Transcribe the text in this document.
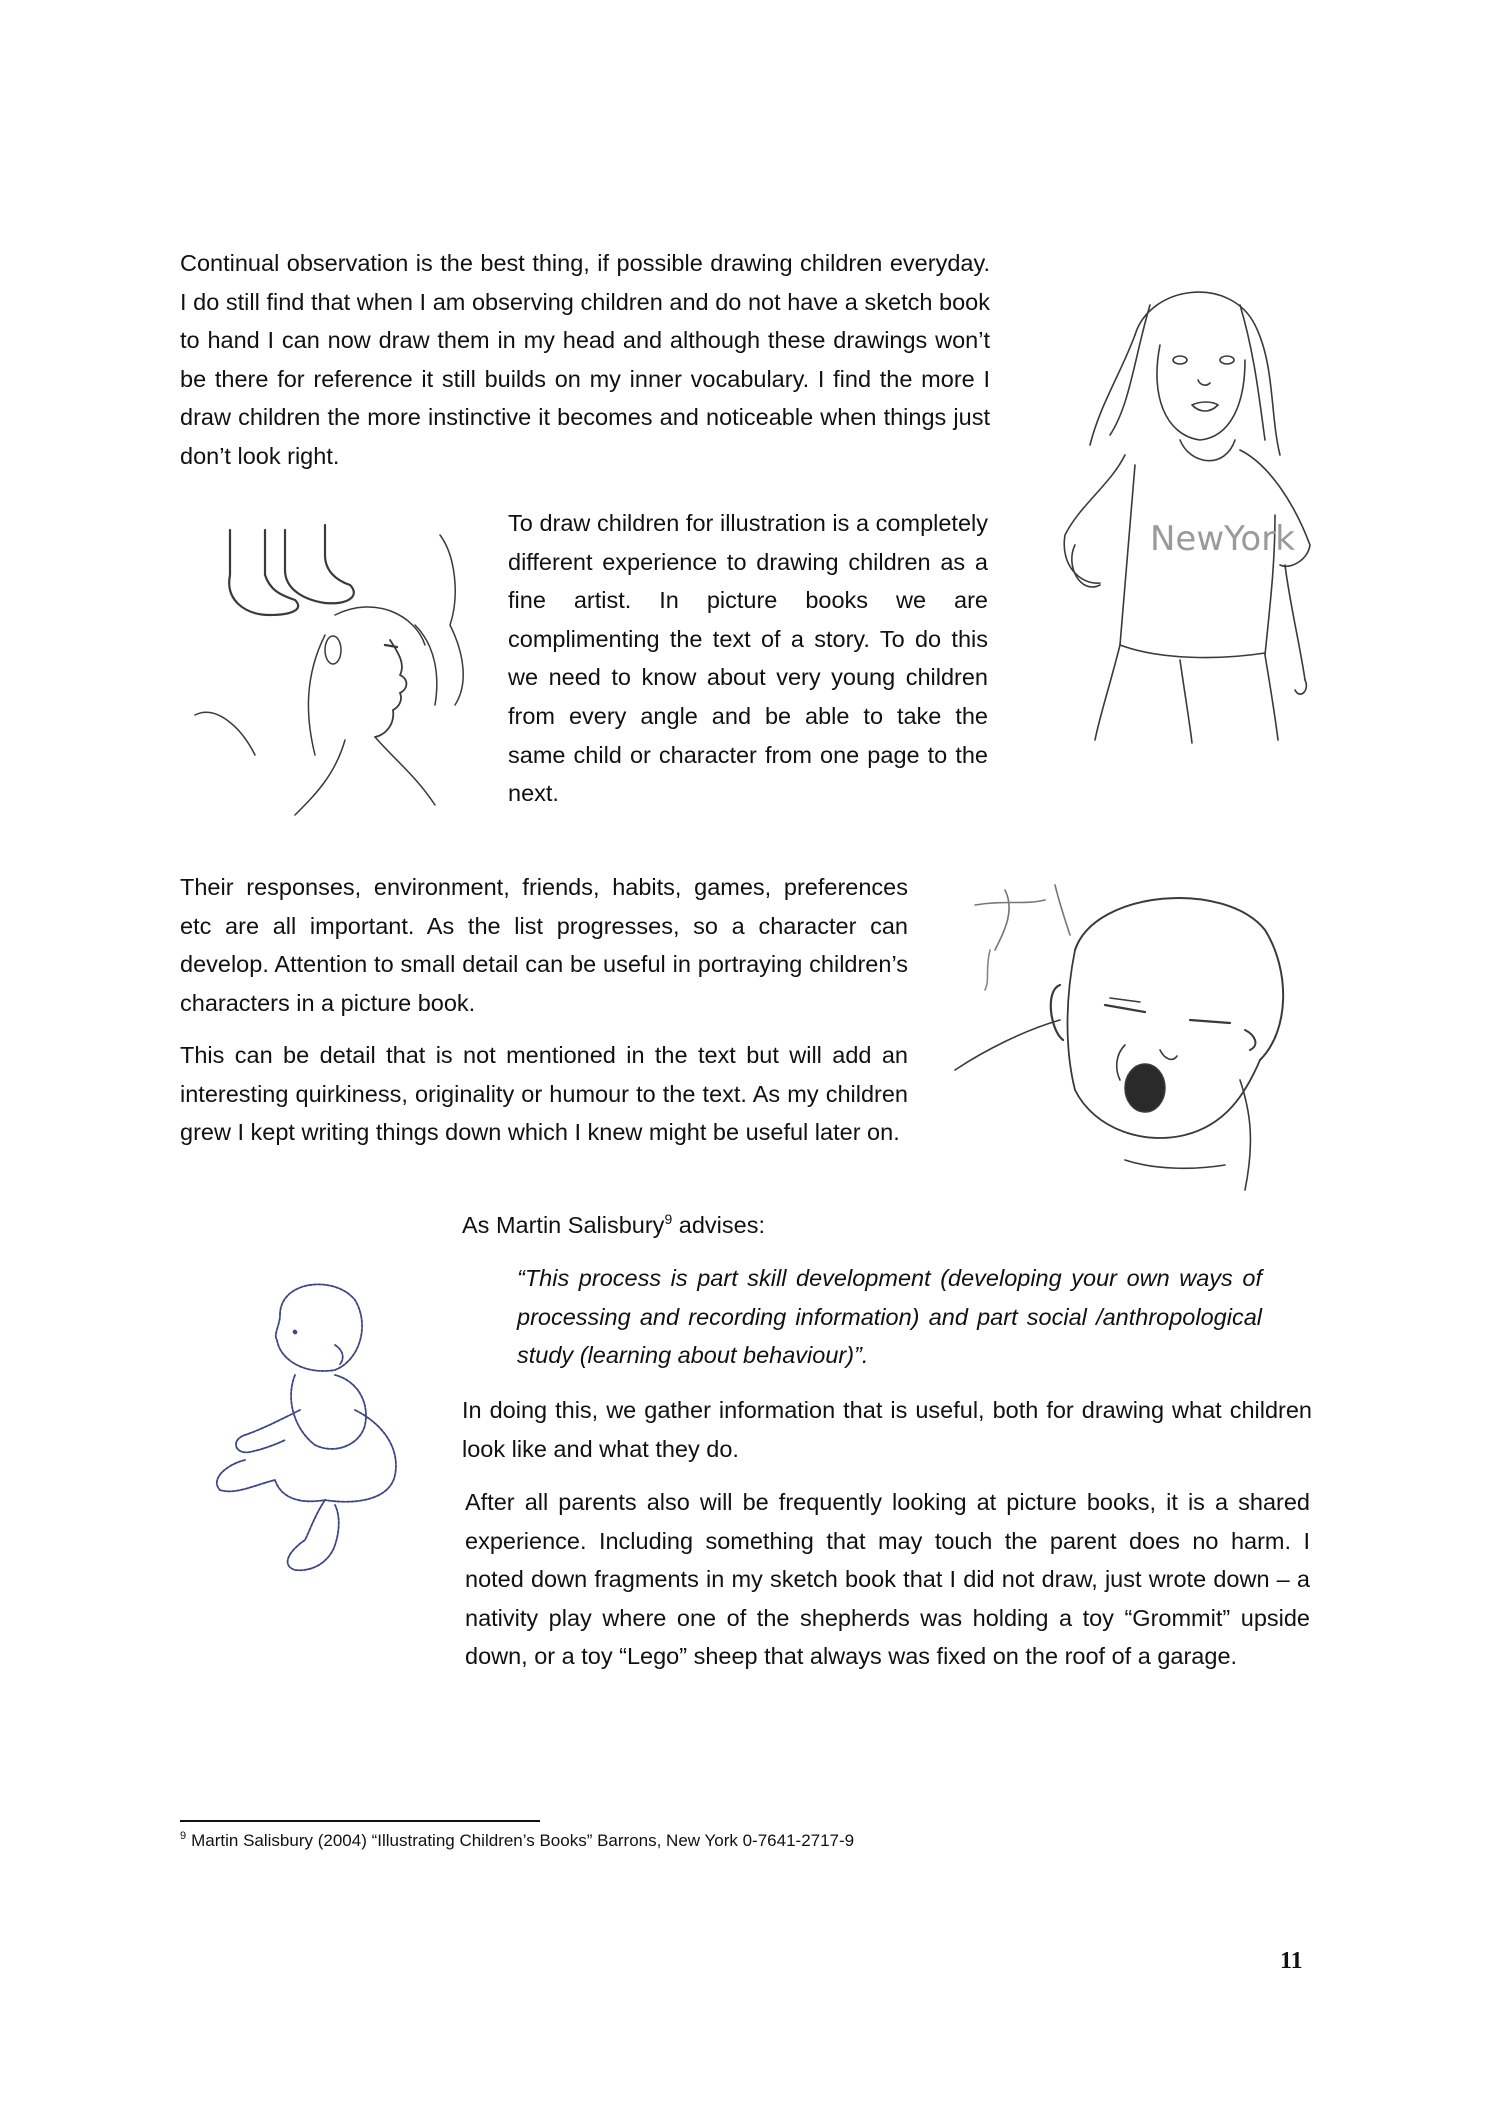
Continual observation is the best thing, if possible drawing children everyday. I do still find that when I am observing children and do not have a sketch book to hand I can now draw them in my head and although these drawings won’t be there for reference it still builds on my inner vocabulary. I find the more I draw children the more instinctive it becomes and noticeable when things just don’t look right.

NewYork

To draw children for illustration is a completely different experience to drawing children as a fine artist. In picture books we are complimenting the text of a story. To do this we need to know about very young children from every angle and be able to take the same child or character from one page to the next.

Their responses, environment, friends, habits, games, preferences etc are all important. As the list progresses, so a character can develop. Attention to small detail can be useful in portraying children’s characters in a picture book.

This can be detail that is not mentioned in the text but will add an interesting quirkiness, originality or humour to the text. As my children grew I kept writing things down which I knew might be useful later on.

As Martin Salisbury$^9$ advises:

“This process is part skill development (developing your own ways of processing and recording information) and part social /anthropological study (learning about behaviour)”.

In doing this, we gather information that is useful, both for drawing what children look like and what they do.

After all parents also will be frequently looking at picture books, it is a shared experience. Including something that may touch the parent does no harm. I noted down fragments in my sketch book that I did not draw, just wrote down – a nativity play where one of the shepherds was holding a toy “Grommit” upside down, or a toy “Lego” sheep that always was fixed on the roof of a garage.

$^9$ Martin Salisbury (2004) “Illustrating Children’s Books” Barrons, New York 0-7641-2717-9
11
